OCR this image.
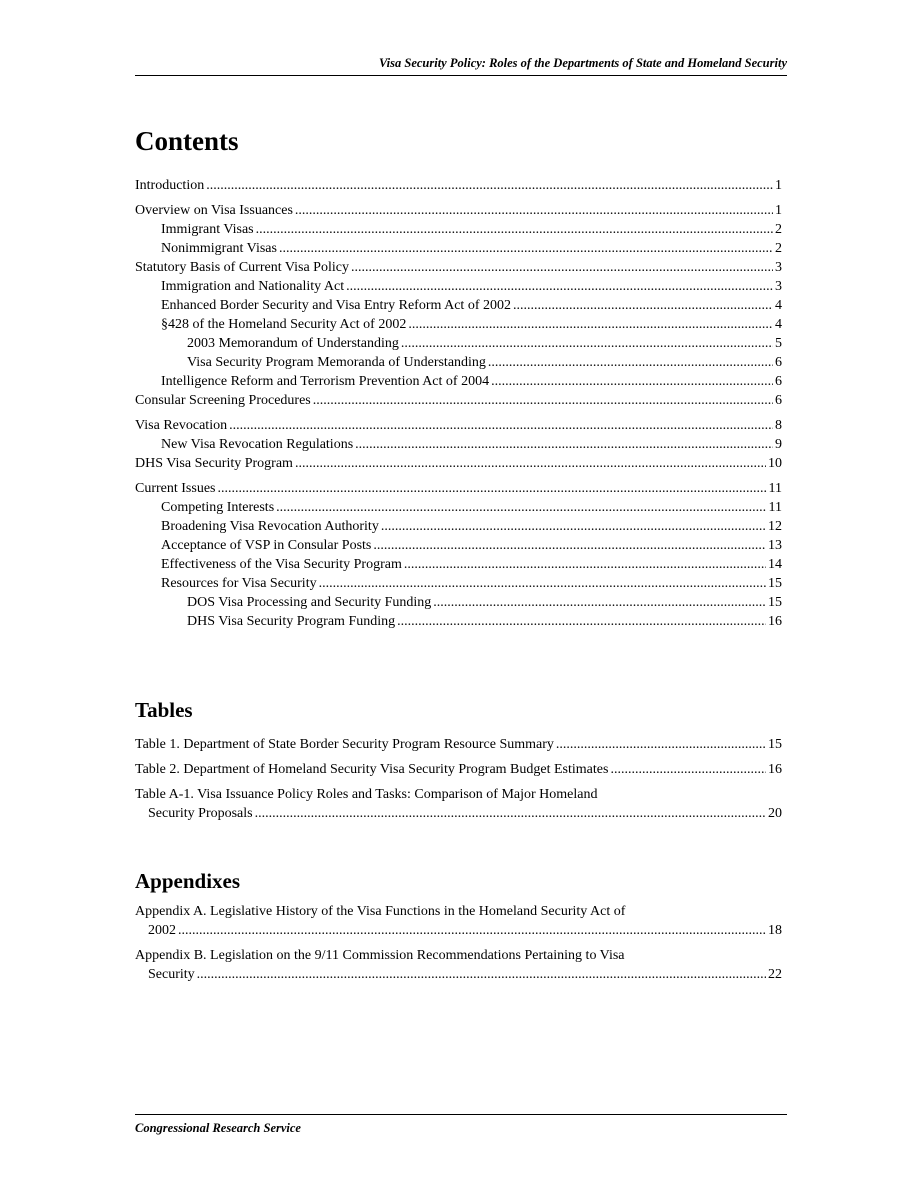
Visa Security Policy: Roles of the Departments of State and Homeland Security
Contents
Introduction .....	1
Overview on Visa Issuances .....	1
Immigrant Visas .....	2
Nonimmigrant Visas .....	2
Statutory Basis of Current Visa Policy .....	3
Immigration and Nationality Act .....	3
Enhanced Border Security and Visa Entry Reform Act of 2002 .....	4
§428 of the Homeland Security Act of 2002 .....	4
2003 Memorandum of Understanding .....	5
Visa Security Program Memoranda of Understanding .....	6
Intelligence Reform and Terrorism Prevention Act of 2004 .....	6
Consular Screening Procedures .....	6
Visa Revocation .....	8
New Visa Revocation Regulations .....	9
DHS Visa Security Program .....	10
Current Issues .....	11
Competing Interests .....	11
Broadening Visa Revocation Authority .....	12
Acceptance of VSP in Consular Posts .....	13
Effectiveness of the Visa Security Program .....	14
Resources for Visa Security .....	15
DOS Visa Processing and Security Funding .....	15
DHS Visa Security Program Funding .....	16
Tables
Table 1. Department of State Border Security Program Resource Summary .....	15
Table 2. Department of Homeland Security Visa Security Program Budget Estimates .....	16
Table A-1. Visa Issuance Policy Roles and Tasks: Comparison of Major Homeland
Security Proposals .....	20
Appendixes
Appendix A. Legislative History of the Visa Functions in the Homeland Security Act of
2002 .....	18
Appendix B. Legislation on the 9/11 Commission Recommendations Pertaining to Visa
Security .....	22
Congressional Research Service
